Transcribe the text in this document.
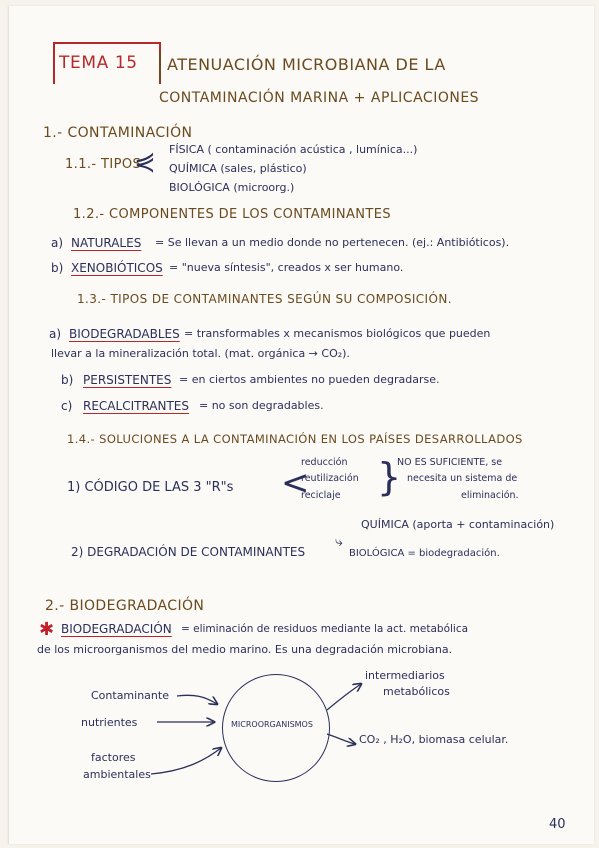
TEMA 15 ATENUACIÓN MICROBIANA DE LA
CONTAMINACIÓN MARINA + APLICACIONES
1.- CONTAMINACIÓN
1.1.- TIPOS
⋞ FÍSICA ( contaminación acústica , lumínica...)
QUÍMICA (sales, plástico)
BIOLÓGICA (microorg.)
1.2.- COMPONENTES DE LOS CONTAMINANTES
a) NATURALES = Se llevan a un medio donde no pertenecen. (ej.: Antibióticos).
b) XENOBIÓTICOS = "nueva síntesis", creados x ser humano.
1.3.- TIPOS DE CONTAMINANTES SEGÚN SU COMPOSICIÓN.
a) BIODEGRADABLES = transformables x mecanismos biológicos que pueden
llevar a la mineralización total. (mat. orgánica → CO₂).
b) PERSISTENTES = en ciertos ambientes no pueden degradarse.
c) RECALCITRANTES = no son degradables.
1.4.- SOLUCIONES A LA CONTAMINACIÓN EN LOS PAÍSES DESARROLLADOS
1) CÓDIGO DE LAS 3 "R"s <
reducción
reutilización
reciclaje }
NO ES SUFICIENTE, se
necesita un sistema de
eliminación.
2) DEGRADACIÓN DE CONTAMINANTES
⤷
QUÍMICA (aporta + contaminación)
BIOLÓGICA = biodegradación.
2.- BIODEGRADACIÓN
✱ BIODEGRADACIÓN = eliminación de residuos mediante la act. metabólica
de los microorganismos del medio marino. Es una degradación microbiana.
Contaminante
nutrientes
factores
ambientales
MICROORGANISMOS
intermediarios
metabólicos
CO₂ , H₂O, biomasa celular.
40
